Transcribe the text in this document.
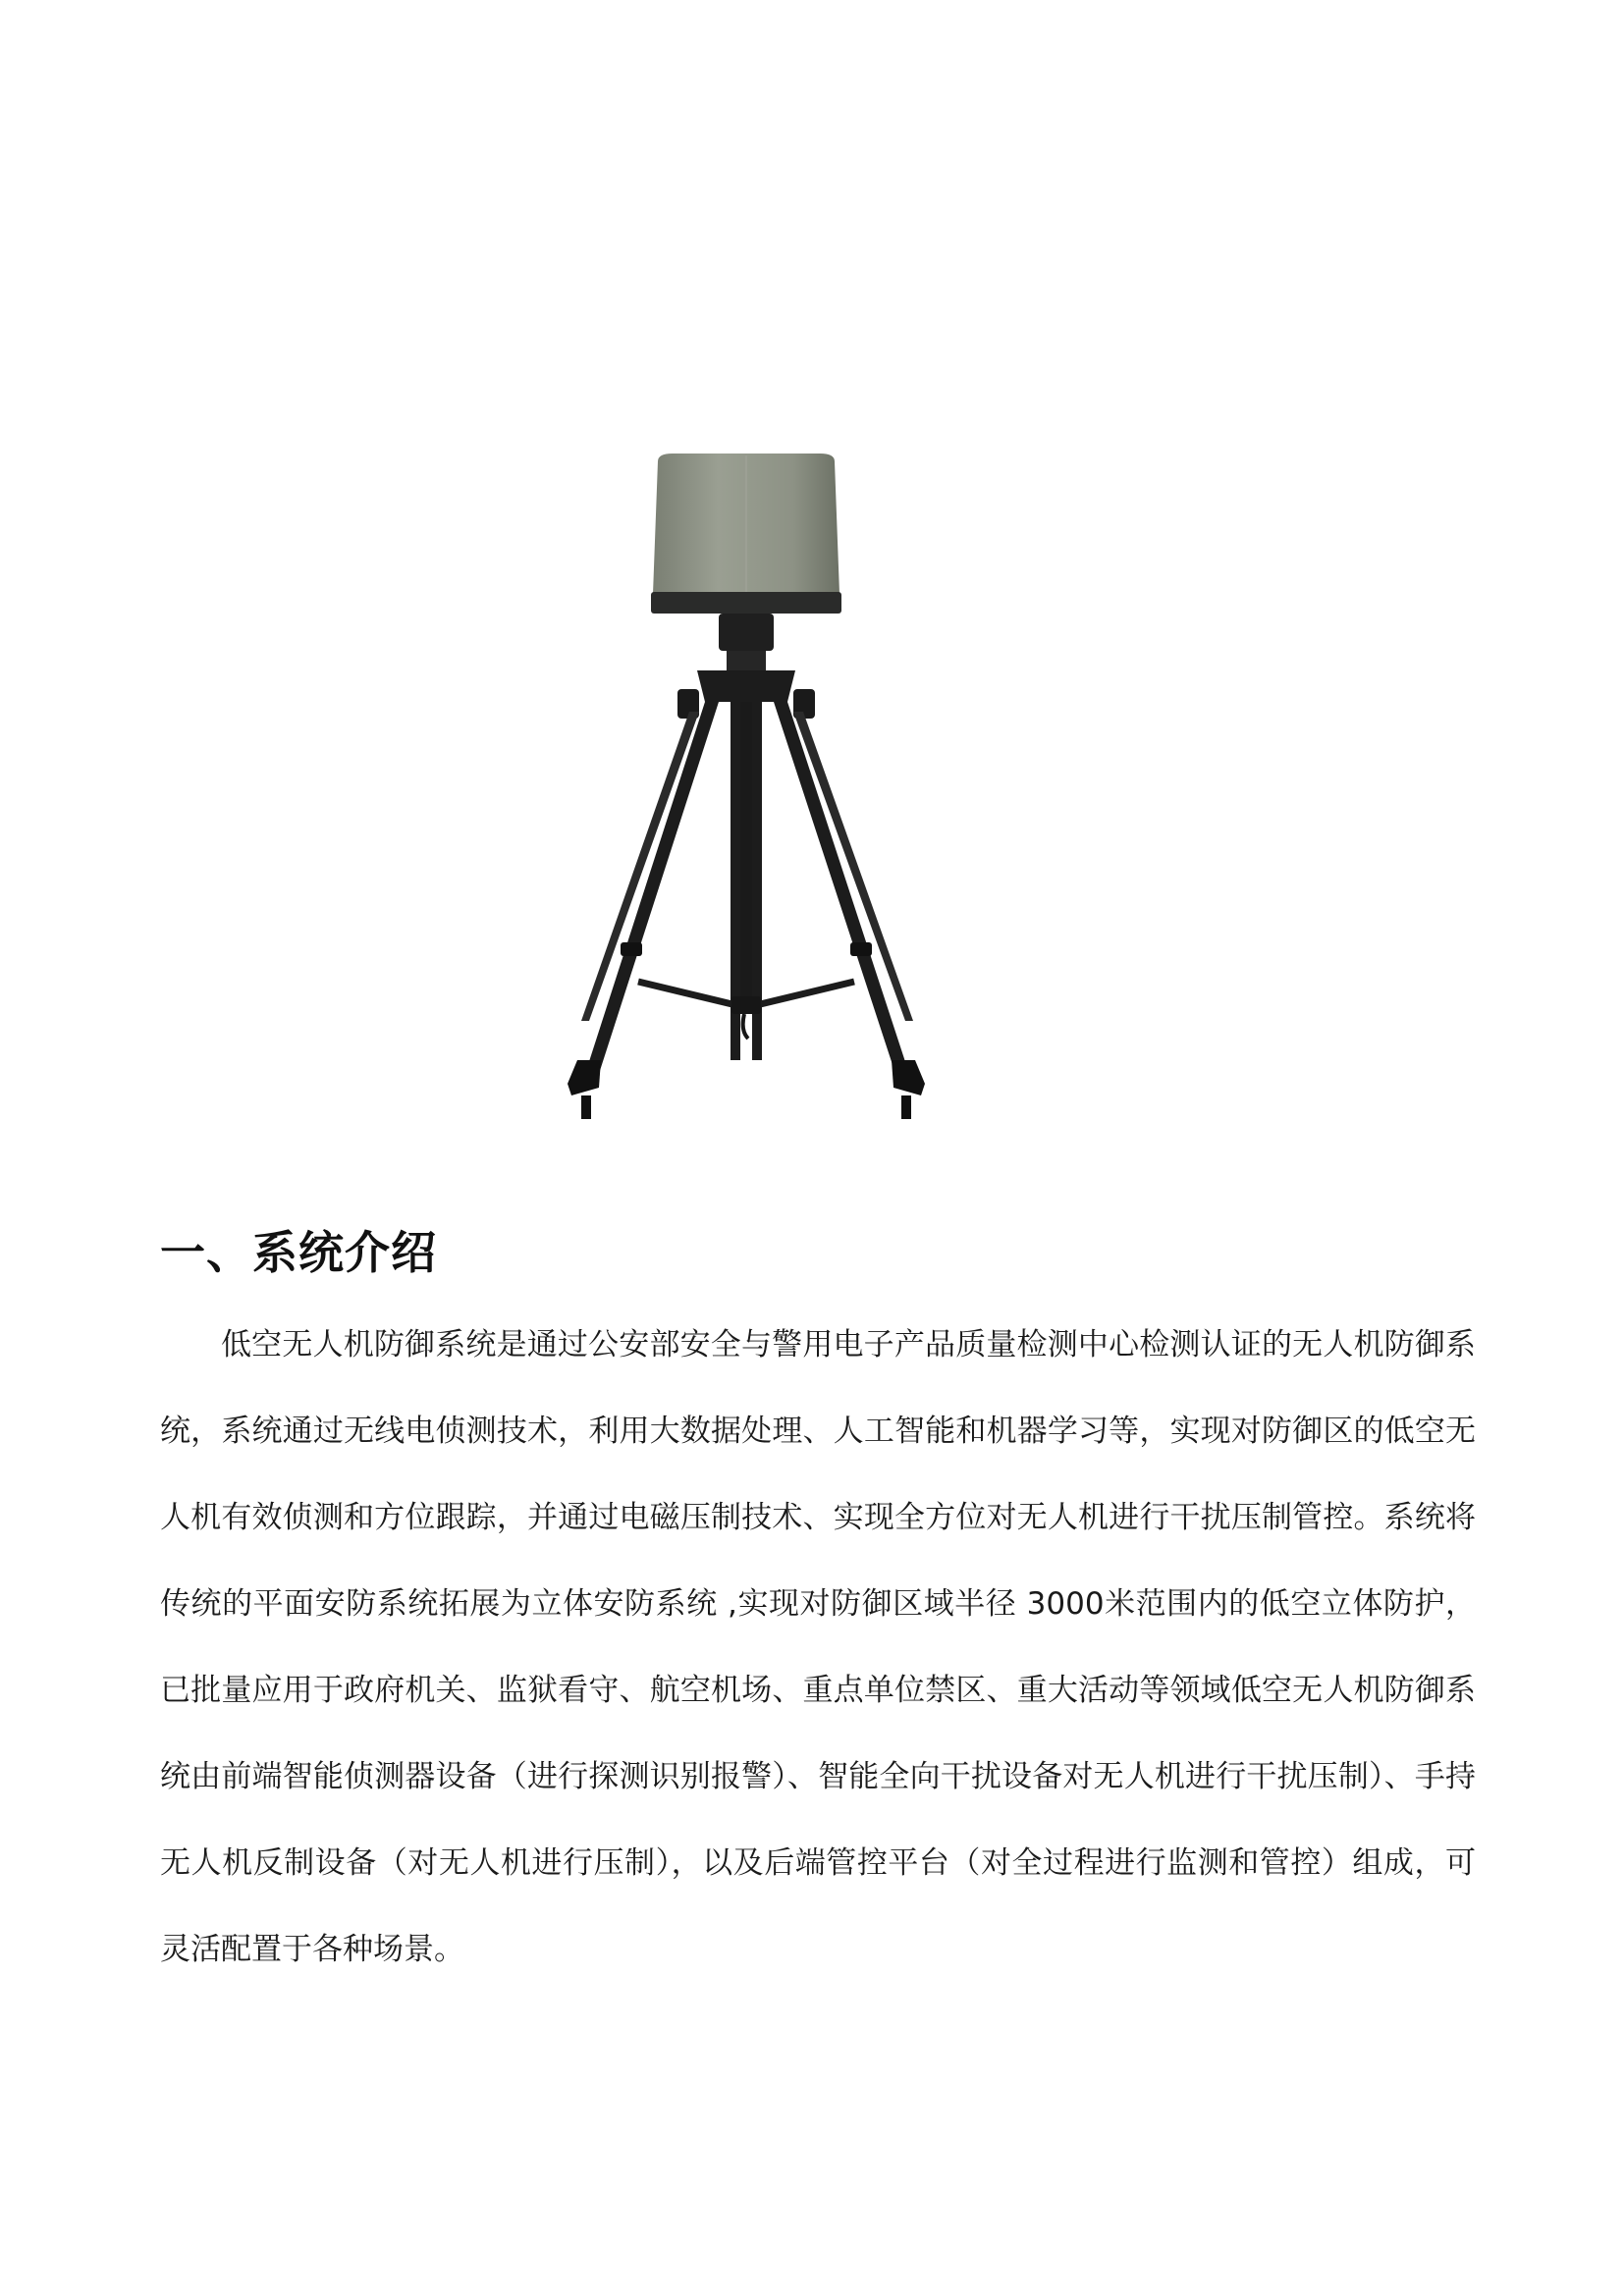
一、系统介绍

低空无人机防御系统是通过公安部安全与警用电子产品质量检测中心检测认证的无人机防御系统，系统通过无线电侦测技术，利用大数据处理、人工智能和机器学习等，实现对防御区的低空无人机有效侦测和方位跟踪，并通过电磁压制技术、实现全方位对无人机进行干扰压制管控。系统将传统的平面安防系统拓展为立体安防系统 ,实现对防御区域半径 3000米范围内的低空立体防护，已批量应用于政府机关、监狱看守、航空机场、重点单位禁区、重大活动等领域低空无人机防御系统由前端智能侦测器设备（进行探测识别报警）、智能全向干扰设备对无人机进行干扰压制）、手持无人机反制设备（对无人机进行压制），以及后端管控平台（对全过程进行监测和管控）组成，可灵活配置于各种场景。
